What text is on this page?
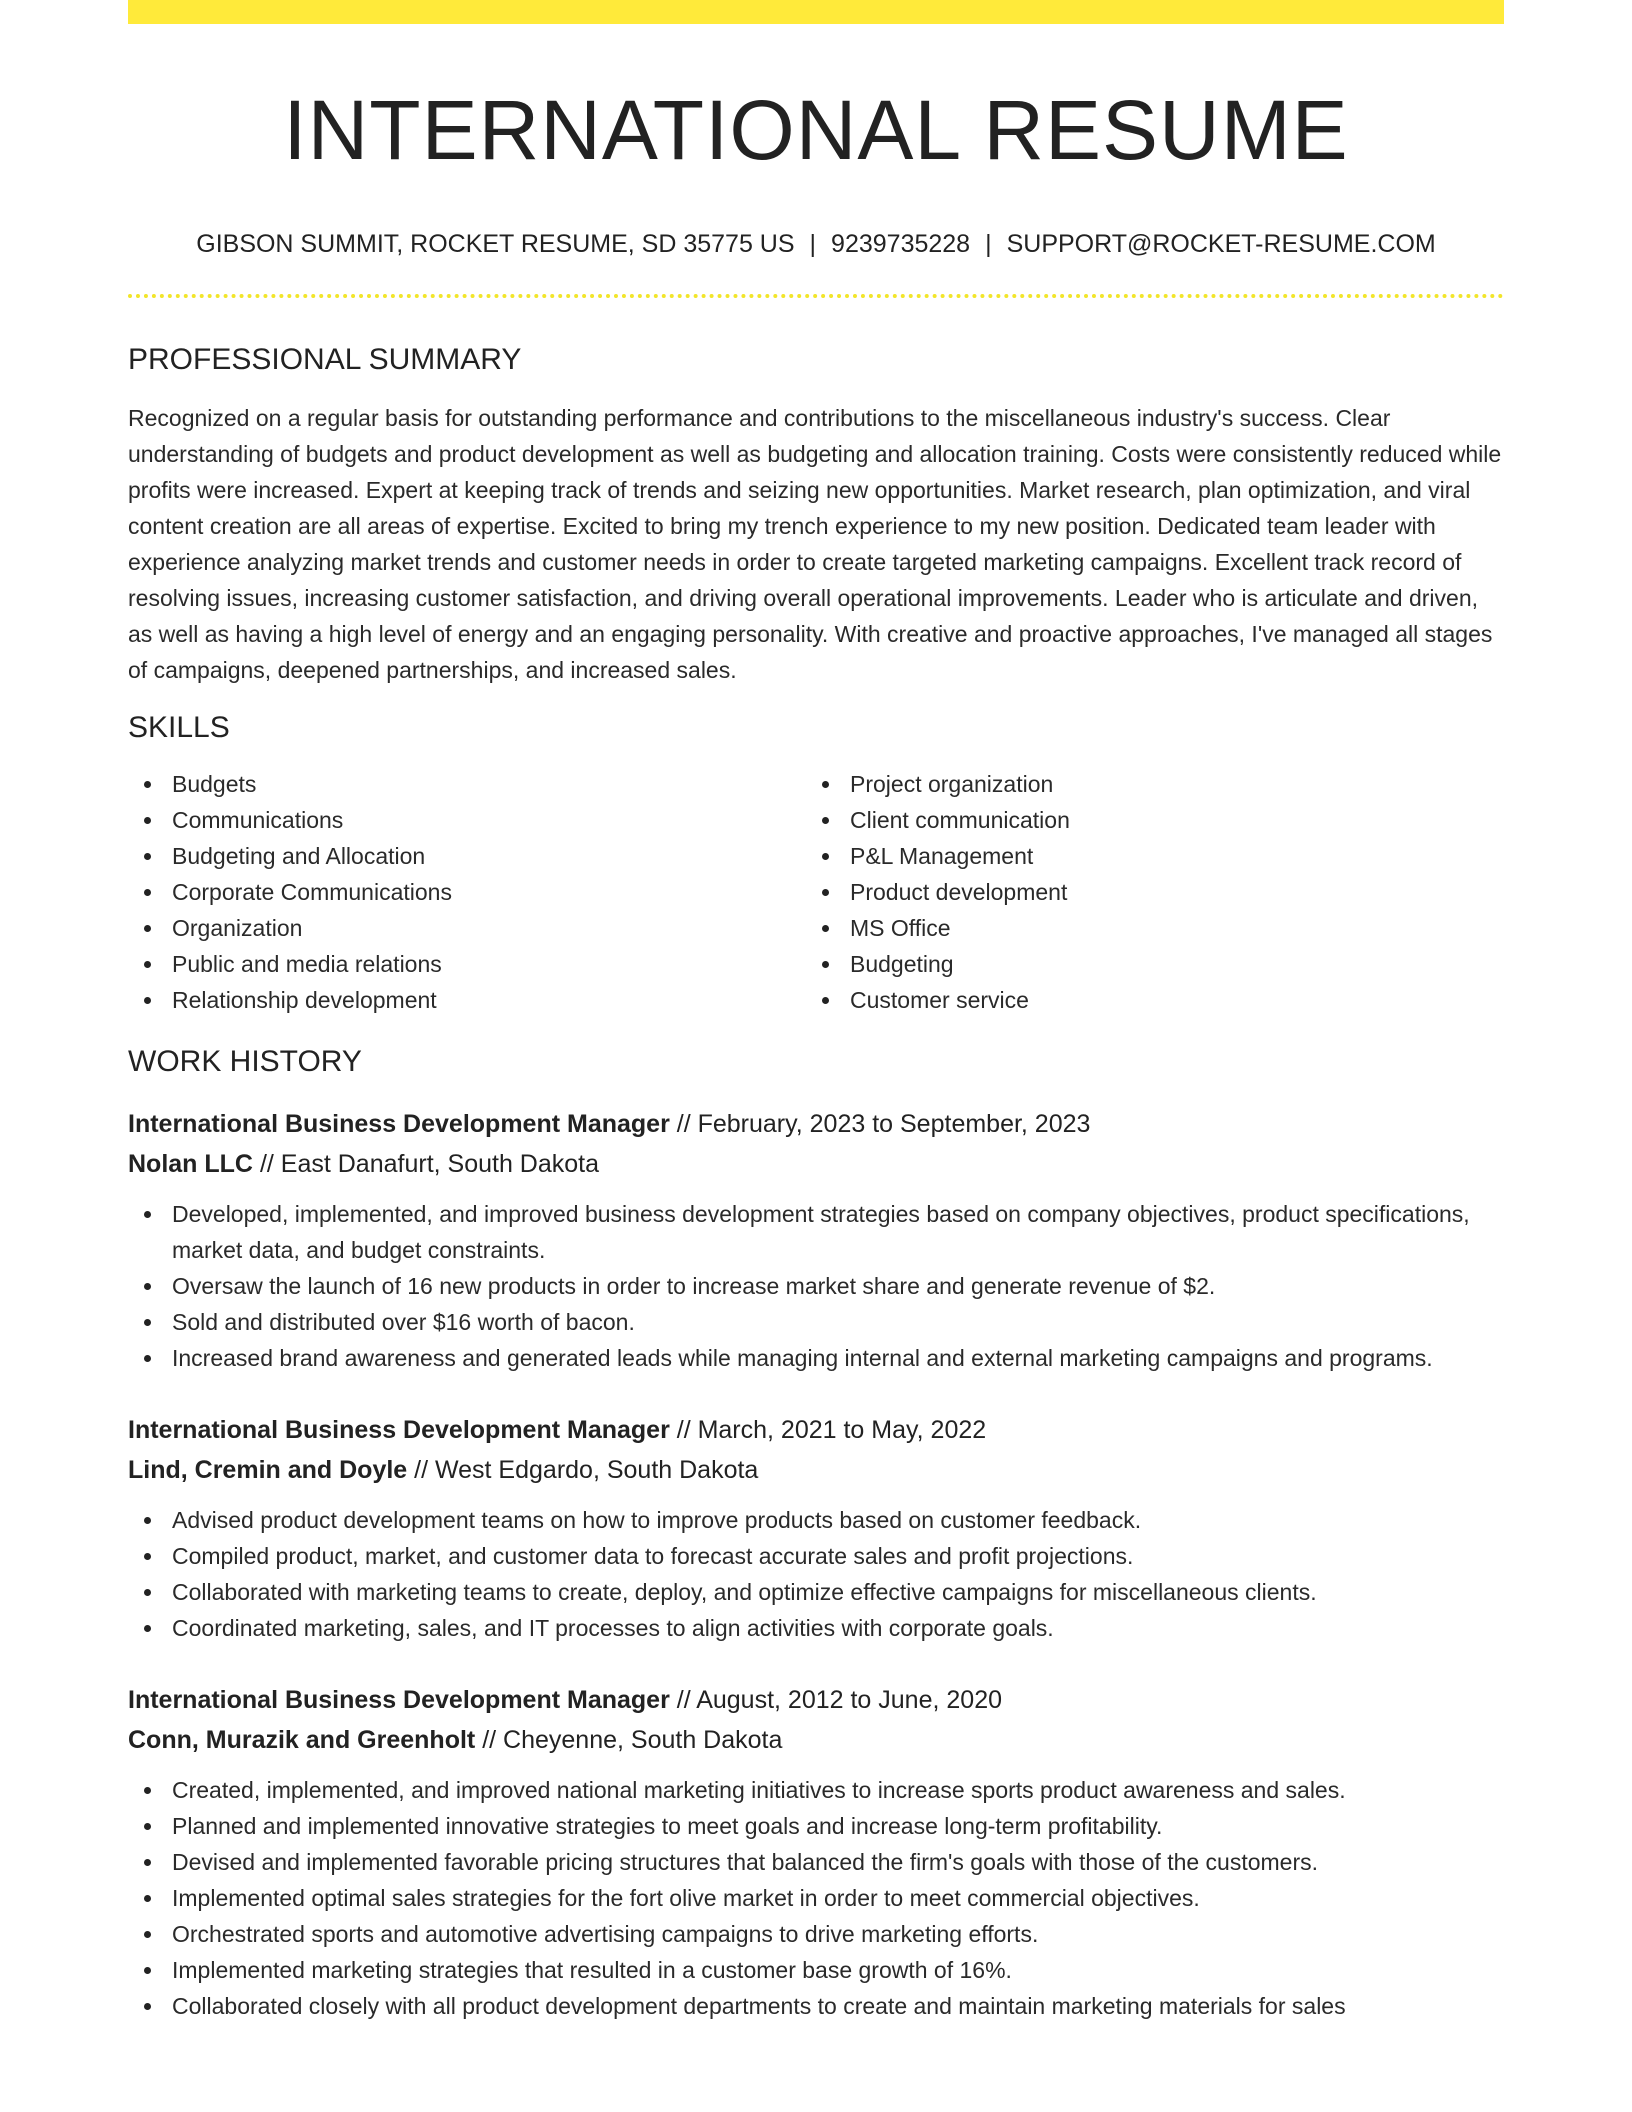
INTERNATIONAL RESUME
GIBSON SUMMIT, ROCKET RESUME, SD 35775 US | 9239735228 | SUPPORT@ROCKET-RESUME.COM
PROFESSIONAL SUMMARY

Recognized on a regular basis for outstanding performance and contributions to the miscellaneous industry's success. Clear understanding of budgets and product development as well as budgeting and allocation training. Costs were consistently reduced while profits were increased. Expert at keeping track of trends and seizing new opportunities. Market research, plan optimization, and viral content creation are all areas of expertise. Excited to bring my trench experience to my new position. Dedicated team leader with experience analyzing market trends and customer needs in order to create targeted marketing campaigns. Excellent track record of resolving issues, increasing customer satisfaction, and driving overall operational improvements. Leader who is articulate and driven, as well as having a high level of energy and an engaging personality. With creative and proactive approaches, I've managed all stages of campaigns, deepened partnerships, and increased sales.

SKILLS
Budgets
Communications
Budgeting and Allocation
Corporate Communications
Organization
Public and media relations
Relationship development
Project organization
Client communication
P&L Management
Product development
MS Office
Budgeting
Customer service
WORK HISTORY
International Business Development Manager // February, 2023 to September, 2023
Nolan LLC // East Danafurt, South Dakota
Developed, implemented, and improved business development strategies based on company objectives, product specifications, market data, and budget constraints.
Oversaw the launch of 16 new products in order to increase market share and generate revenue of $2.
Sold and distributed over $16 worth of bacon.
Increased brand awareness and generated leads while managing internal and external marketing campaigns and programs.
International Business Development Manager // March, 2021 to May, 2022
Lind, Cremin and Doyle // West Edgardo, South Dakota
Advised product development teams on how to improve products based on customer feedback.
Compiled product, market, and customer data to forecast accurate sales and profit projections.
Collaborated with marketing teams to create, deploy, and optimize effective campaigns for miscellaneous clients.
Coordinated marketing, sales, and IT processes to align activities with corporate goals.
International Business Development Manager // August, 2012 to June, 2020
Conn, Murazik and Greenholt // Cheyenne, South Dakota
Created, implemented, and improved national marketing initiatives to increase sports product awareness and sales.
Planned and implemented innovative strategies to meet goals and increase long-term profitability.
Devised and implemented favorable pricing structures that balanced the firm's goals with those of the customers.
Implemented optimal sales strategies for the fort olive market in order to meet commercial objectives.
Orchestrated sports and automotive advertising campaigns to drive marketing efforts.
Implemented marketing strategies that resulted in a customer base growth of 16%.
Collaborated closely with all product development departments to create and maintain marketing materials for sales
